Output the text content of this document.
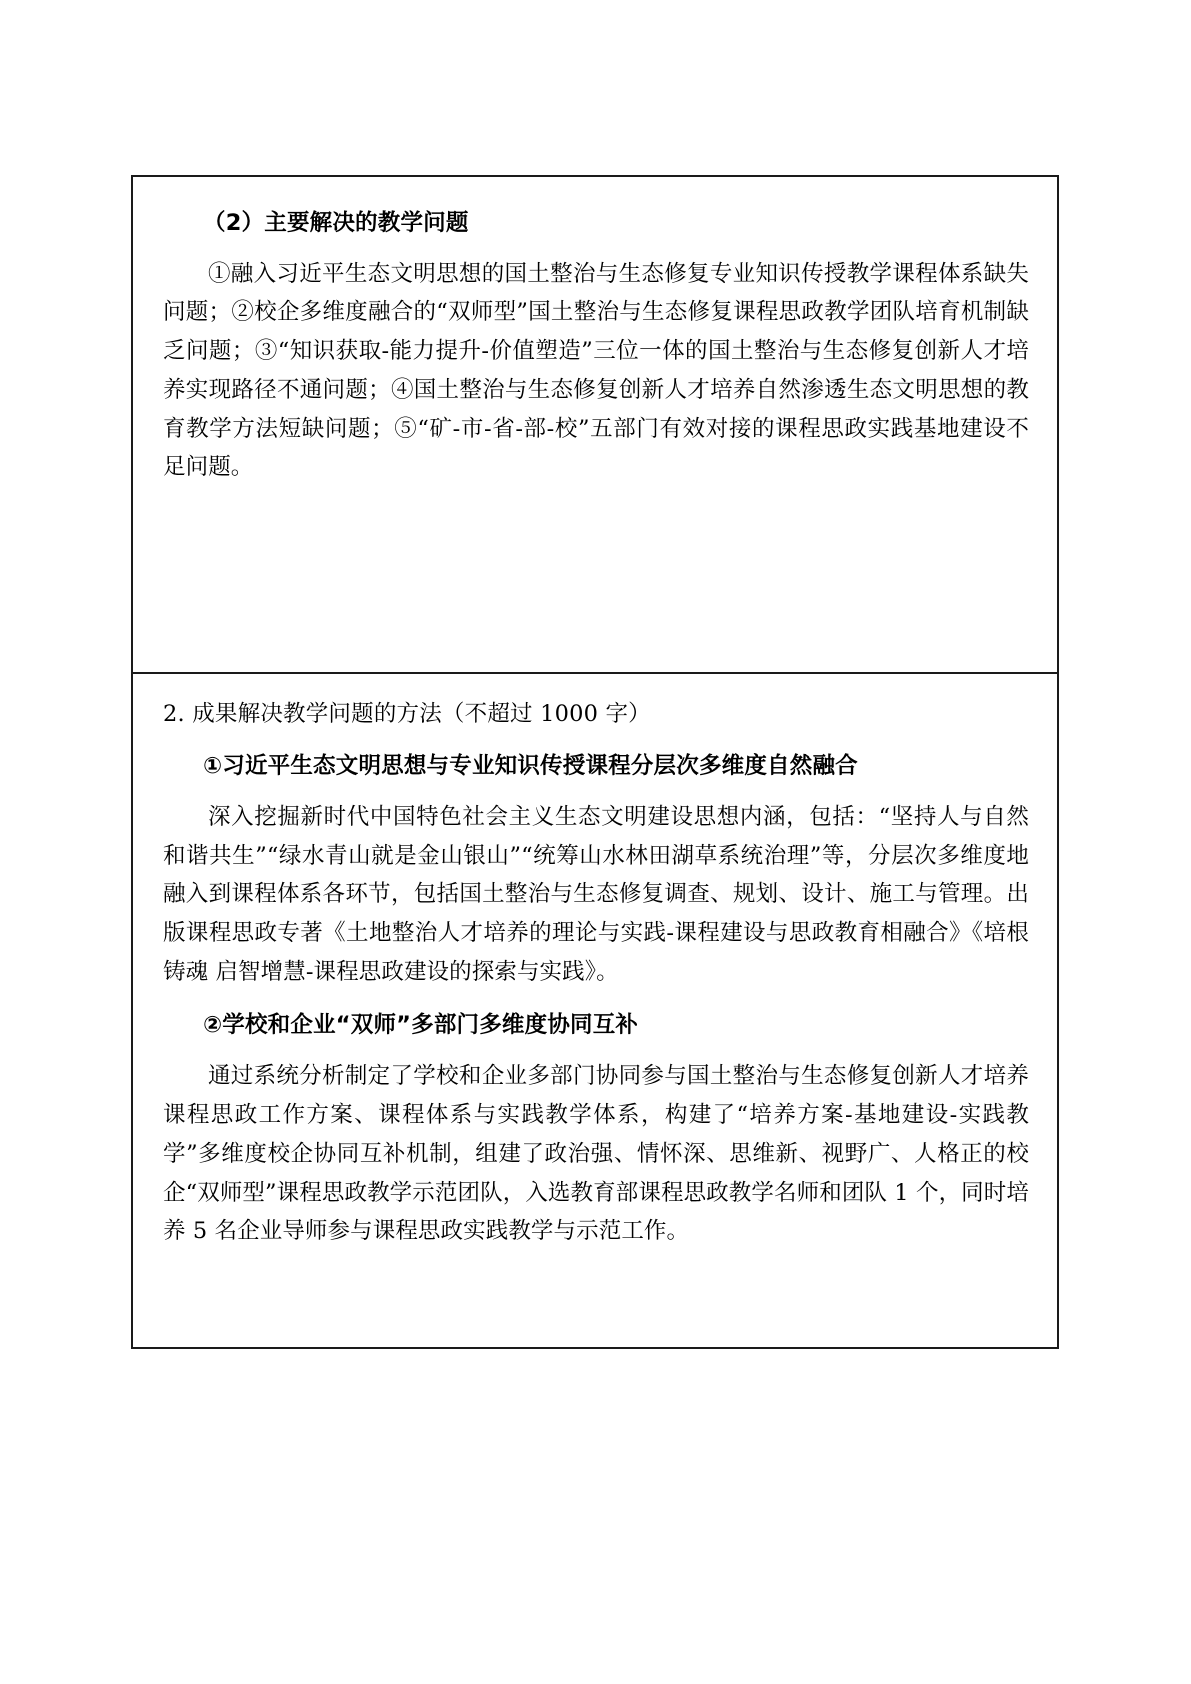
（2）主要解决的教学问题

①融入习近平生态文明思想的国土整治与生态修复专业知识传授教学课程体系缺失问题；②校企多维度融合的“双师型”国土整治与生态修复课程思政教学团队培育机制缺乏问题；③“知识获取-能力提升-价值塑造”三位一体的国土整治与生态修复创新人才培养实现路径不通问题；④国土整治与生态修复创新人才培养自然渗透生态文明思想的教育教学方法短缺问题；⑤“矿-市-省-部-校”五部门有效对接的课程思政实践基地建设不足问题。

2. 成果解决教学问题的方法（不超过 1000 字）

①习近平生态文明思想与专业知识传授课程分层次多维度自然融合

深入挖掘新时代中国特色社会主义生态文明建设思想内涵，包括：“坚持人与自然和谐共生”“绿水青山就是金山银山”“统筹山水林田湖草系统治理”等，分层次多维度地融入到课程体系各环节，包括国土整治与生态修复调查、规划、设计、施工与管理。出版课程思政专著《土地整治人才培养的理论与实践-课程建设与思政教育相融合》《培根铸魂 启智增慧-课程思政建设的探索与实践》。

②学校和企业“双师”多部门多维度协同互补

通过系统分析制定了学校和企业多部门协同参与国土整治与生态修复创新人才培养课程思政工作方案、课程体系与实践教学体系，构建了“培养方案-基地建设-实践教学”多维度校企协同互补机制，组建了政治强、情怀深、思维新、视野广、人格正的校企“双师型”课程思政教学示范团队，入选教育部课程思政教学名师和团队 1 个，同时培养 5 名企业导师参与课程思政实践教学与示范工作。
